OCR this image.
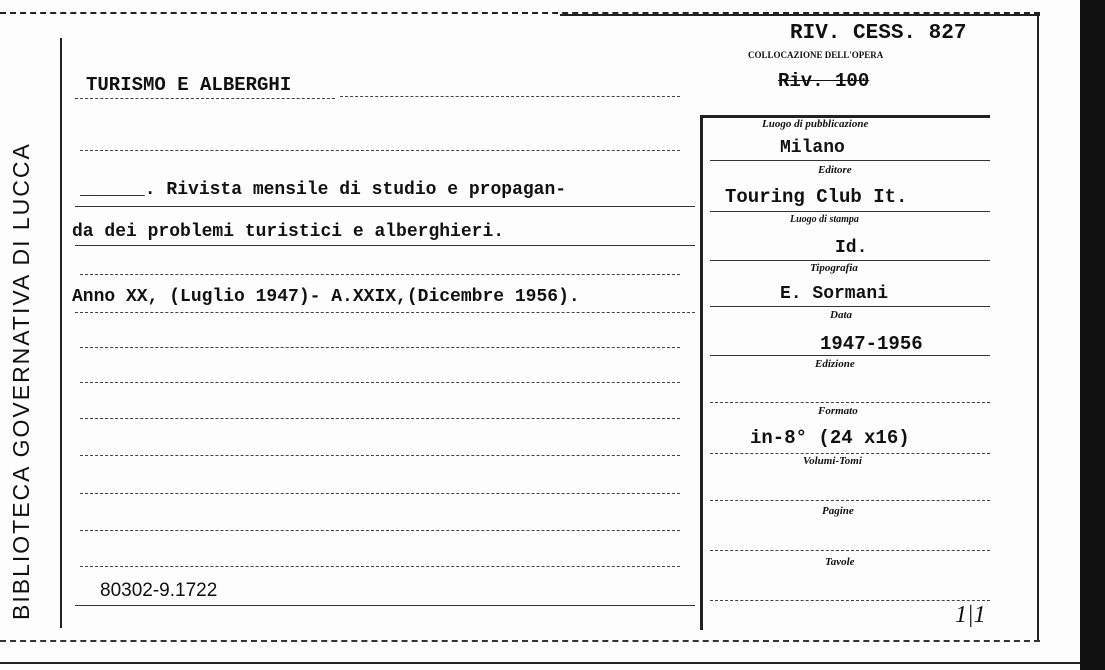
BIBLIOTECA GOVERNATIVA DI LUCCA
RIV. CESS. 827
COLLOCAZIONE DELL'OPERA
Riv. 100
TURISMO E ALBERGHI
______. Rivista mensile di studio e propagan-
da dei problemi turistici e alberghieri.
Anno XX, (Luglio 1947)- A.XXIX,(Dicembre 1956).
80302-9.1722
Luogo di pubblicazione
Milano
Editore
Touring Club It.
Luogo di stampa
Id.
Tipografia
E. Sormani
Data
1947-1956
Edizione
Formato
in-8° (24 x16)
Volumi-Tomi
Pagine
Tavole
1|1
